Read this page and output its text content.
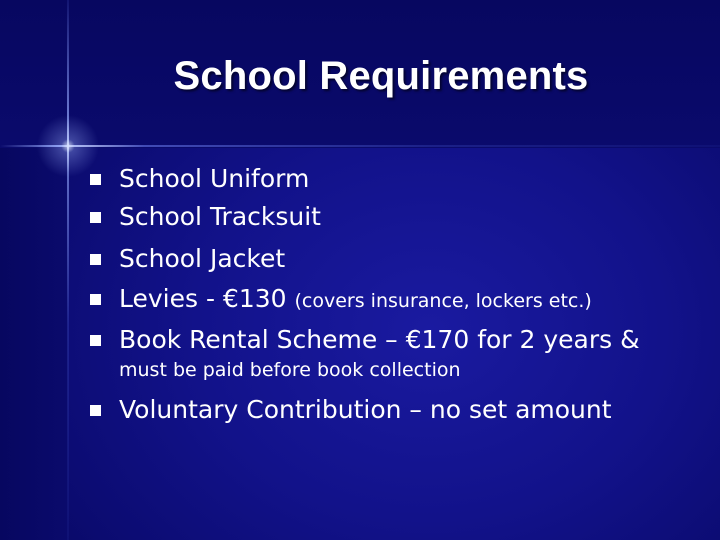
School Requirements
School Uniform
School Tracksuit
School Jacket
Levies - €130 (covers insurance, lockers etc.)
Book Rental Scheme – €170 for 2 years &
Voluntary Contribution – no set amount
must be paid before book collection
